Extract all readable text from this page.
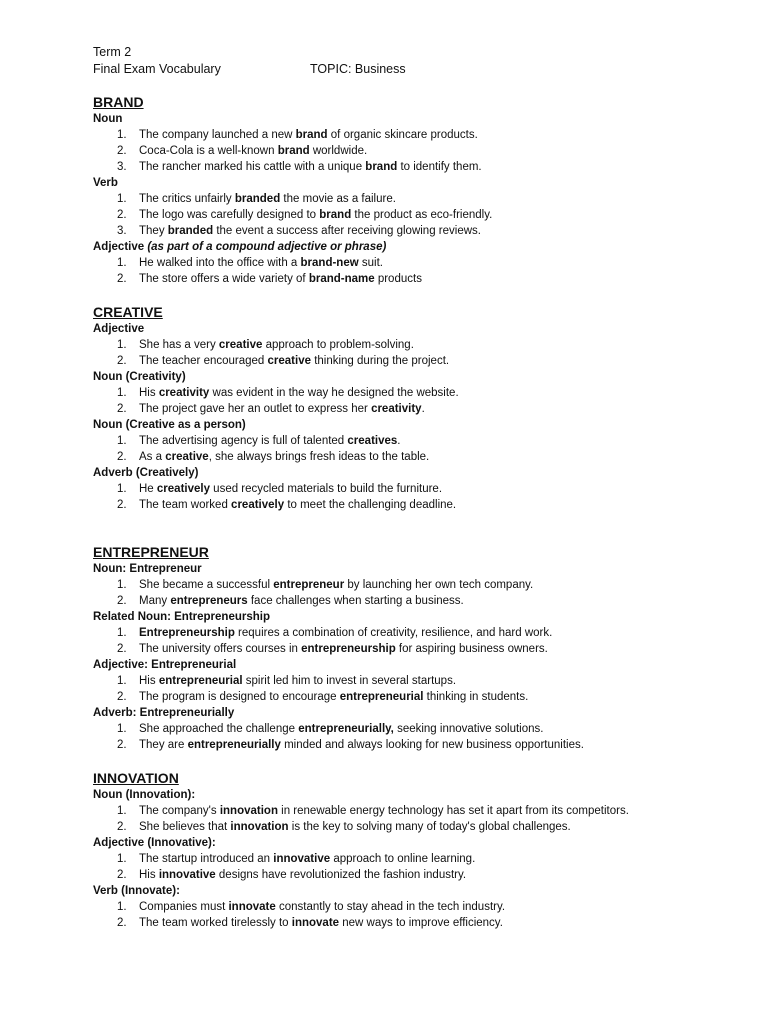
Term 2
Final Exam Vocabulary	TOPIC: Business
BRAND
Noun
1. The company launched a new brand of organic skincare products.
2. Coca-Cola is a well-known brand worldwide.
3. The rancher marked his cattle with a unique brand to identify them.
Verb
1. The critics unfairly branded the movie as a failure.
2. The logo was carefully designed to brand the product as eco-friendly.
3. They branded the event a success after receiving glowing reviews.
Adjective (as part of a compound adjective or phrase)
1. He walked into the office with a brand-new suit.
2. The store offers a wide variety of brand-name products
CREATIVE
Adjective
1. She has a very creative approach to problem-solving.
2. The teacher encouraged creative thinking during the project.
Noun (Creativity)
1. His creativity was evident in the way he designed the website.
2. The project gave her an outlet to express her creativity.
Noun (Creative as a person)
1. The advertising agency is full of talented creatives.
2. As a creative, she always brings fresh ideas to the table.
Adverb (Creatively)
1. He creatively used recycled materials to build the furniture.
2. The team worked creatively to meet the challenging deadline.
ENTREPRENEUR
Noun: Entrepreneur
1. She became a successful entrepreneur by launching her own tech company.
2. Many entrepreneurs face challenges when starting a business.
Related Noun: Entrepreneurship
1. Entrepreneurship requires a combination of creativity, resilience, and hard work.
2. The university offers courses in entrepreneurship for aspiring business owners.
Adjective: Entrepreneurial
1. His entrepreneurial spirit led him to invest in several startups.
2. The program is designed to encourage entrepreneurial thinking in students.
Adverb: Entrepreneurially
1. She approached the challenge entrepreneurially, seeking innovative solutions.
2. They are entrepreneurially minded and always looking for new business opportunities.
INNOVATION
Noun (Innovation):
1. The company's innovation in renewable energy technology has set it apart from its competitors.
2. She believes that innovation is the key to solving many of today's global challenges.
Adjective (Innovative):
1. The startup introduced an innovative approach to online learning.
2. His innovative designs have revolutionized the fashion industry.
Verb (Innovate):
1. Companies must innovate constantly to stay ahead in the tech industry.
2. The team worked tirelessly to innovate new ways to improve efficiency.
